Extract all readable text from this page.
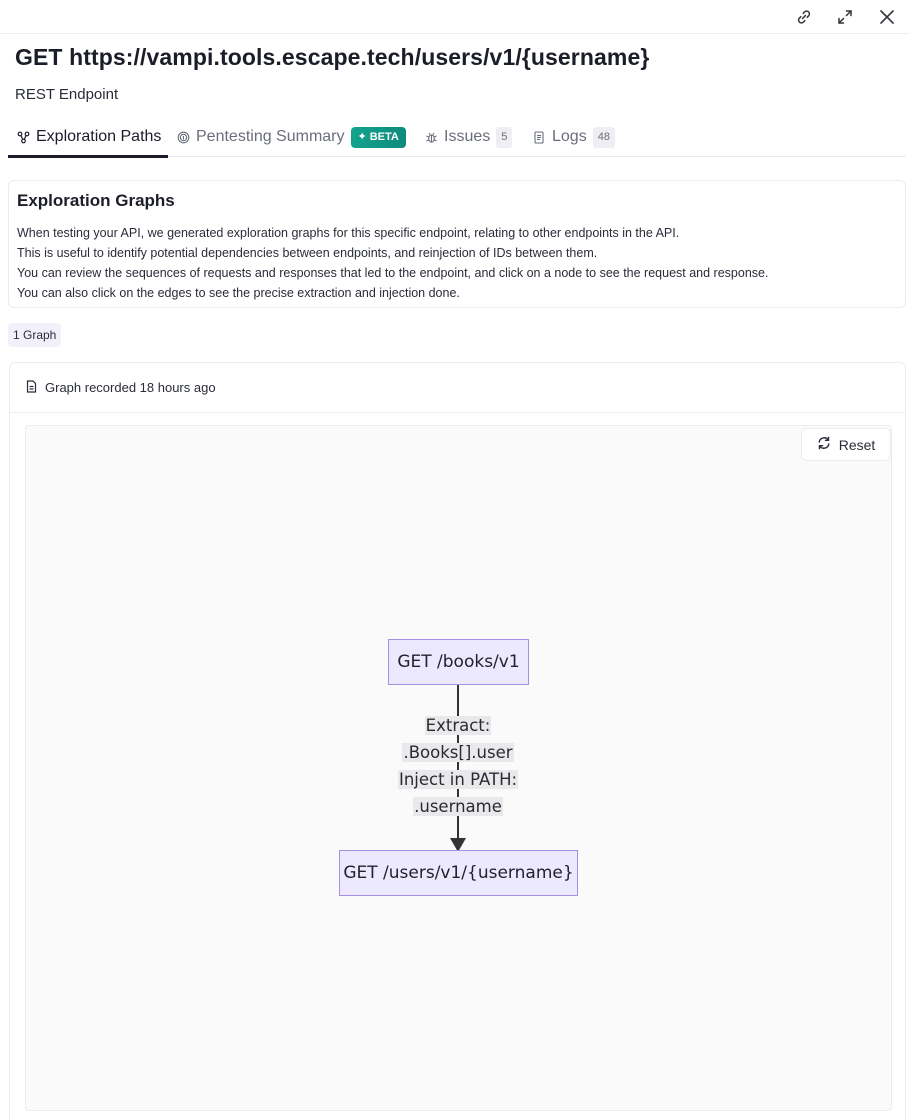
GET https://vampi.tools.escape.tech/users/v1/{username}
REST Endpoint
Exploration Paths Pentesting Summary ✦ BETA	Issues	5	Logs	48
Exploration Graphs
When testing your API, we generated exploration graphs for this specific endpoint, relating to other endpoints in the API.
This is useful to identify potential dependencies between endpoints, and reinjection of IDs between them.
You can review the sequences of requests and responses that led to the endpoint, and click on a node to see the request and response.
You can also click on the edges to see the precise extraction and injection done.
1 Graph
Graph recorded 18 hours ago
Reset
GET /books/v1
Extract:
.Books[].user
Inject in PATH:
.username
GET /users/v1/{username}
